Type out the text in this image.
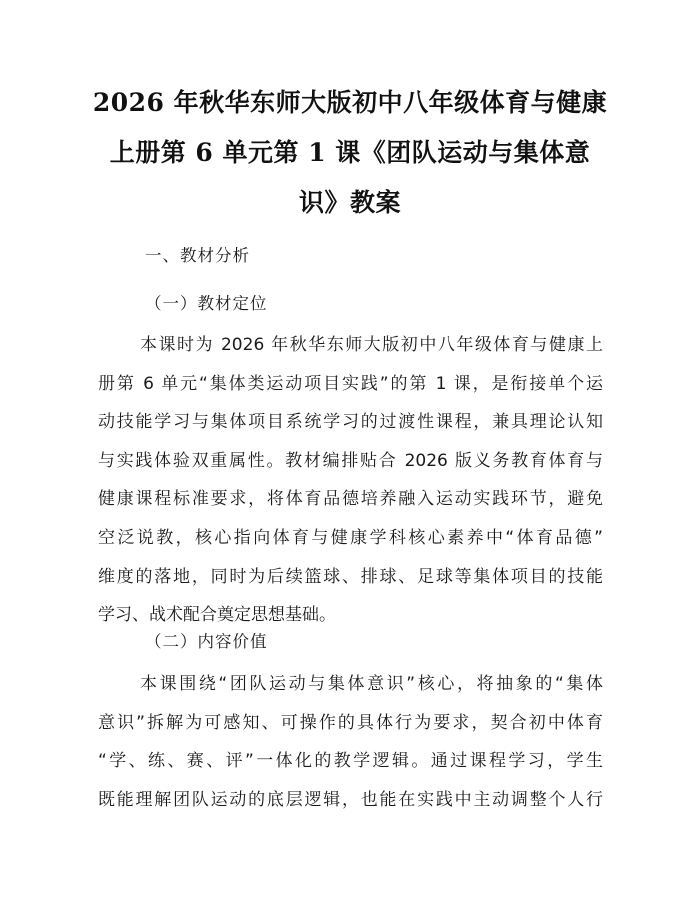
2026 年秋华东师大版初中八年级体育与健康
上册第 6 单元第 1 课《团队运动与集体意
识》教案
一、教材分析
（一）教材定位
本课时为 2026 年秋华东师大版初中八年级体育与健康上
册第 6 单元“集体类运动项目实践”的第 1 课，是衔接单个运
动技能学习与集体项目系统学习的过渡性课程，兼具理论认知
与实践体验双重属性。教材编排贴合 2026 版义务教育体育与
健康课程标准要求，将体育品德培养融入运动实践环节，避免
空泛说教，核心指向体育与健康学科核心素养中“体育品德”
维度的落地，同时为后续篮球、排球、足球等集体项目的技能
学习、战术配合奠定思想基础。
（二）内容价值
本课围绕“团队运动与集体意识”核心，将抽象的“集体
意识”拆解为可感知、可操作的具体行为要求，契合初中体育
“学、练、赛、评”一体化的教学逻辑。通过课程学习，学生
既能理解团队运动的底层逻辑，也能在实践中主动调整个人行
